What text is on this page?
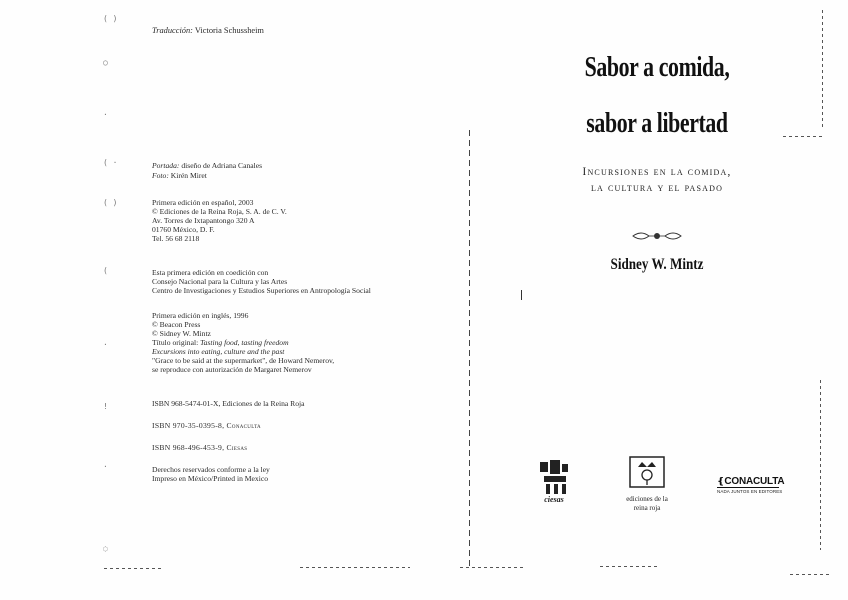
( )
○
·
( ·
( )
(
·
!
·
◌
Traducción: Victoria Schussheim
Portada: diseño de Adriana Canales
Foto: Kirén Miret
Primera edición en español, 2003
© Ediciones de la Reina Roja, S. A. de C. V.
Av. Torres de Ixtapantongo 320 A
01760 México, D. F.
Tel. 56 68 2118
Esta primera edición en coedición con
Consejo Nacional para la Cultura y las Artes
Centro de Investigaciones y Estudios Superiores en Antropología Social
Primera edición en inglés, 1996
© Beacon Press
© Sidney W. Mintz
Título original: Tasting food, tasting freedom
Excursions into eating, culture and the past
"Grace to be said at the supermarket", de Howard Nemerov,
se reproduce con autorización de Margaret Nemerov
ISBN 968-5474-01-X, Ediciones de la Reina Roja
ISBN 970-35-0395-8, Conaculta
ISBN 968-496-453-9, Ciesas
Derechos reservados conforme a la ley
Impreso en México/Printed in Mexico
Sabor a comida,
sabor a libertad
Incursiones en la comida,
la cultura y el pasado
Sidney W. Mintz
ciesas	ediciones de la
reina roja
❴CONACULTA
NADA JUNTOS EN EDITORES
